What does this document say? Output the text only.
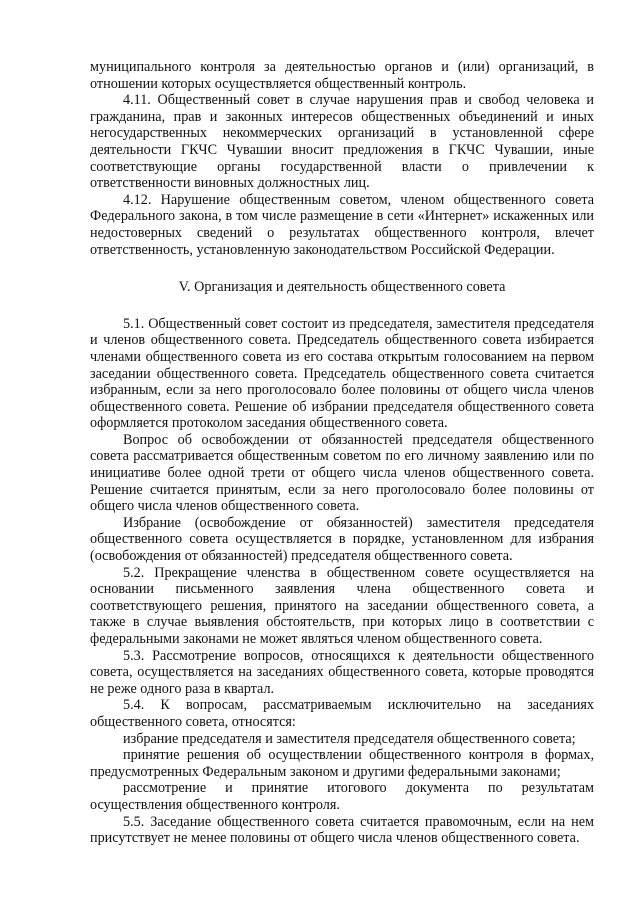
муниципального контроля за деятельностью органов и (или) организаций, в отношении которых осуществляется общественный контроль.

4.11. Общественный совет в случае нарушения прав и свобод человека и гражданина, прав и законных интересов общественных объединений и иных негосударственных некоммерческих организаций в установленной сфере деятельности ГКЧС Чувашии вносит предложения в ГКЧС Чувашии, иные соответствующие органы государственной власти о привлечении к ответственности виновных должностных лиц.

4.12. Нарушение общественным советом, членом общественного совета Федерального закона, в том числе размещение в сети «Интернет» искаженных или недостоверных сведений о результатах общественного контроля, влечет ответственность, установленную законодательством Российской Федерации.

V. Организация и деятельность общественного совета

5.1. Общественный совет состоит из председателя, заместителя председателя и членов общественного совета. Председатель общественного совета избирается членами общественного совета из его состава открытым голосованием на первом заседании общественного совета. Председатель общественного совета считается избранным, если за него проголосовало более половины от общего числа членов общественного совета. Решение об избрании председателя общественного совета оформляется протоколом заседания общественного совета.

Вопрос об освобождении от обязанностей председателя общественного совета рассматривается общественным советом по его личному заявлению или по инициативе более одной трети от общего числа членов общественного совета. Решение считается принятым, если за него проголосовало более половины от общего числа членов общественного совета.

Избрание (освобождение от обязанностей) заместителя председателя общественного совета осуществляется в порядке, установленном для избрания (освобождения от обязанностей) председателя общественного совета.

5.2. Прекращение членства в общественном совете осуществляется на основании письменного заявления члена общественного совета и соответствующего решения, принятого на заседании общественного совета, а также в случае выявления обстоятельств, при которых лицо в соответствии с федеральными законами не может являться членом общественного совета.

5.3. Рассмотрение вопросов, относящихся к деятельности общественного совета, осуществляется на заседаниях общественного совета, которые проводятся не реже одного раза в квартал.

5.4. К вопросам, рассматриваемым исключительно на заседаниях общественного совета, относятся:

избрание председателя и заместителя председателя общественного совета;

принятие решения об осуществлении общественного контроля в формах, предусмотренных Федеральным законом и другими федеральными законами;

рассмотрение и принятие итогового документа по результатам осуществления общественного контроля.

5.5. Заседание общественного совета считается правомочным, если на нем присутствует не менее половины от общего числа членов общественного совета.
